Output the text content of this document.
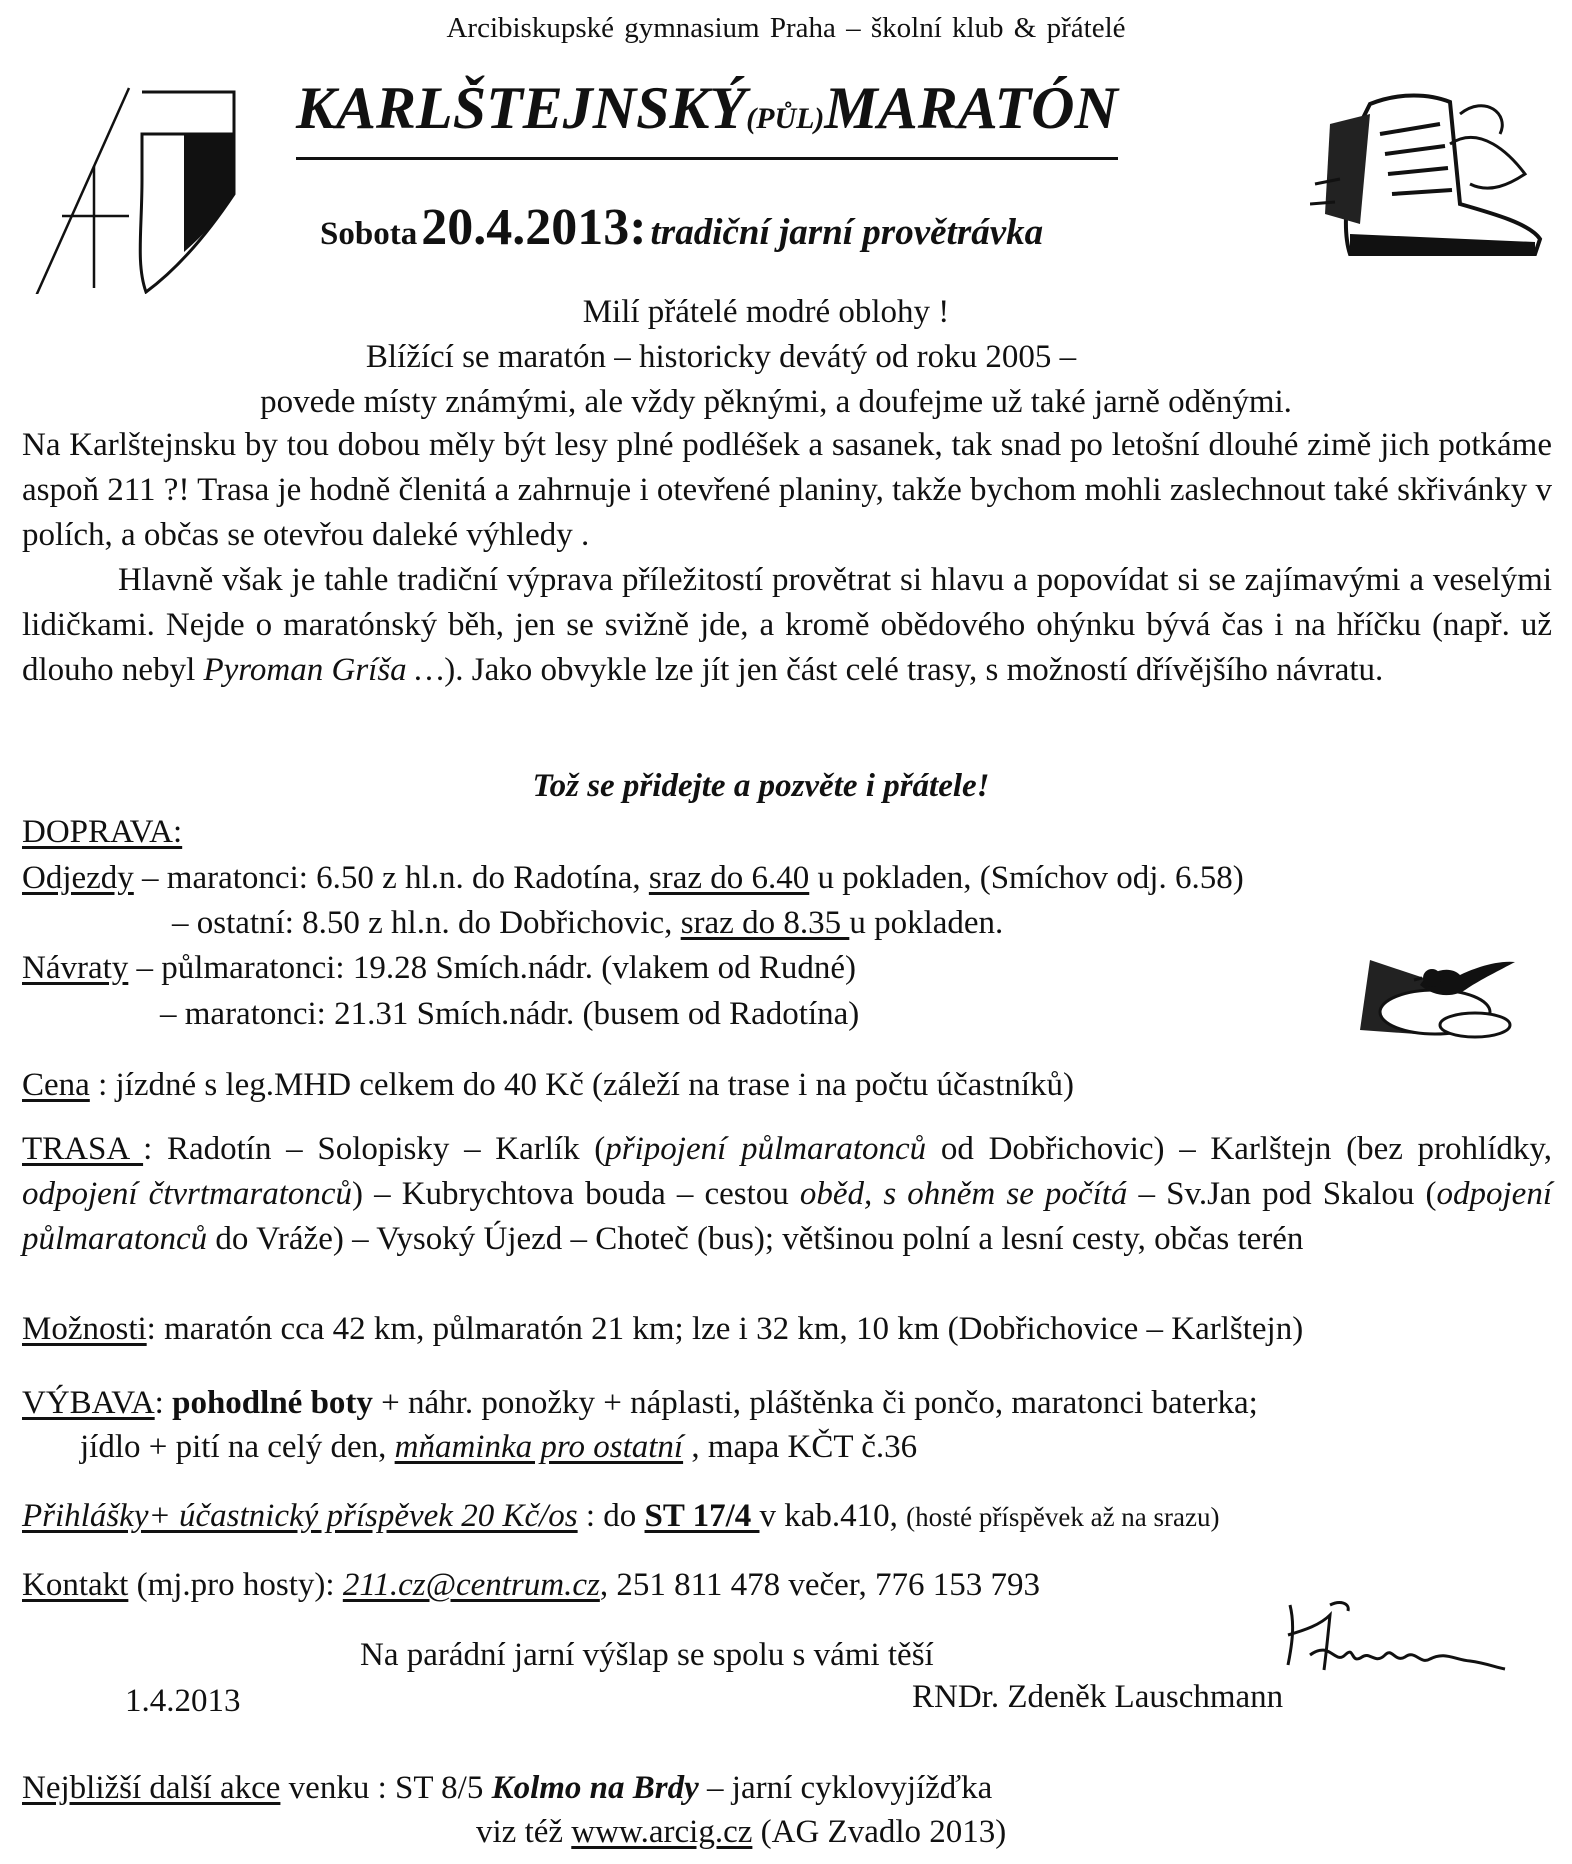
Arcibiskupské gymnasium Praha – školní klub & přátelé
KARLŠTEJNSKÝ(PŮL)MARATÓN
Sobota 20.4.2013: tradiční jarní provětrávka
Milí přátelé modré oblohy !
Blížící se maratón – historicky devátý od roku 2005 –
povede místy známými, ale vždy pěknými, a doufejme už také jarně oděnými.
Na Karlštejnsku by tou dobou měly být lesy plné podléšek a sasanek, tak snad po letošní dlouhé zimě jich potkáme aspoň 211 ?! Trasa je hodně členitá a zahrnuje i otevřené planiny, takže bychom mohli zaslechnout také skřivánky v polích, a občas se otevřou daleké výhledy .
Hlavně však je tahle tradiční výprava příležitostí provětrat si hlavu a popovídat si se zajímavými a veselými lidičkami. Nejde o maratónský běh, jen se svižně jde, a kromě obědového ohýnku bývá čas i na hříčku (např. už dlouho nebyl Pyroman Gríša …). Jako obvykle lze jít jen část celé trasy, s možností dřívějšího návratu.
Tož se přidejte a pozvěte i přátele!
DOPRAVA:
Odjezdy – maratonci: 6.50 z hl.n. do Radotína, sraz do 6.40 u pokladen, (Smíchov odj. 6.58)
– ostatní: 8.50 z hl.n. do Dobřichovic, sraz do 8.35 u pokladen.
Návraty – půlmaratonci: 19.28 Smích.nádr. (vlakem od Rudné)
– maratonci: 21.31 Smích.nádr. (busem od Radotína)
Cena : jízdné s leg.MHD celkem do 40 Kč (záleží na trase i na počtu účastníků)
TRASA : Radotín – Solopisky – Karlík (připojení půlmaratonců od Dobřichovic) – Karlštejn (bez prohlídky, odpojení čtvrtmaratonců) – Kubrychtova bouda – cestou oběd, s ohněm se počítá – Sv.Jan pod Skalou (odpojení půlmaratonců do Vráže) – Vysoký Újezd – Choteč (bus); většinou polní a lesní cesty, občas terén
Možnosti: maratón cca 42 km, půlmaratón 21 km; lze i 32 km, 10 km (Dobřichovice – Karlštejn)
VÝBAVA: pohodlné boty + náhr. ponožky + náplasti, pláštěnka či pončo, maratonci baterka;
jídlo + pití na celý den, mňaminka pro ostatní , mapa KČT č.36
Přihlášky+ účastnický příspěvek 20 Kč/os : do ST 17/4 v kab.410, (hosté příspěvek až na srazu)
Kontakt (mj.pro hosty): 211.cz@centrum.cz, 251 811 478 večer, 776 153 793
Na parádní jarní výšlap se spolu s vámi těší
1.4.2013	RNDr. Zdeněk Lauschmann
Nejbližší další akce venku : ST 8/5 Kolmo na Brdy – jarní cyklovyjížďka
viz též www.arcig.cz (AG Zvadlo 2013)
